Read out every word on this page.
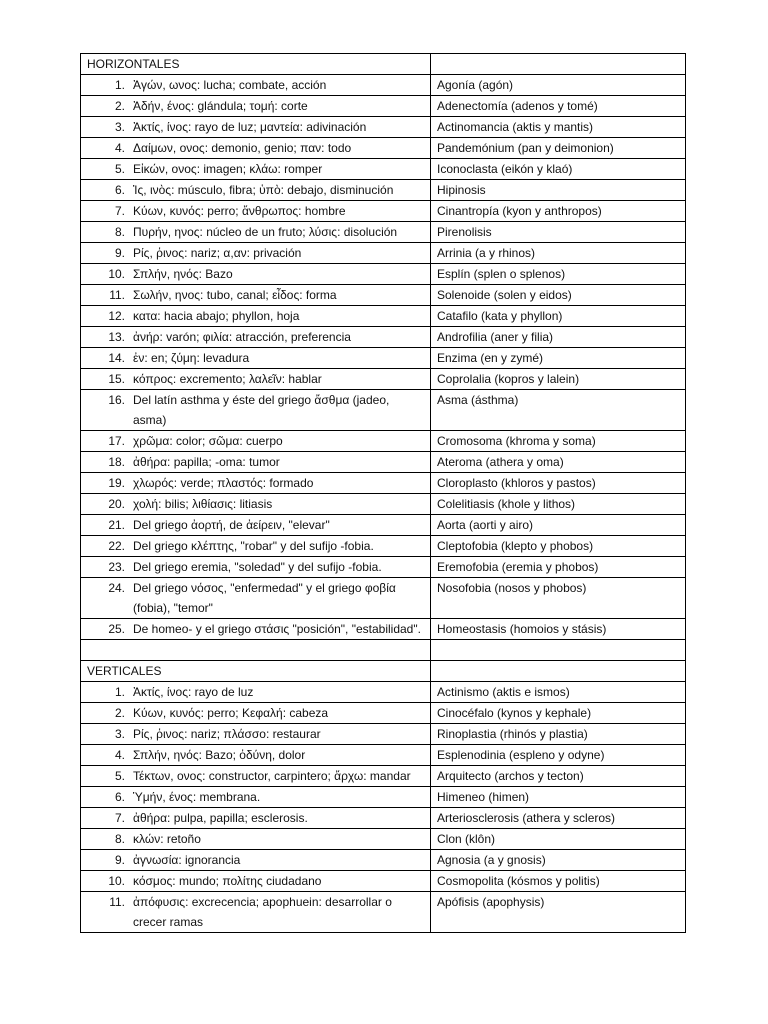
HORIZONTALES	

1. Ἀγών, ωνος: lucha; combate, acción	Agonía (agón)

2. Ἀδήν, ένος: glándula; τομή: corte	Adenectomía (adenos y tomé)

3. Ἀκτίς, ίνος: rayo de luz; μαντεία: adivinación	Actinomancia (aktis y mantis)

4. Δαίμων, ονος: demonio, genio; παν: todo	Pandemónium (pan y deimonion)

5. Εἰκών, ονος: imagen; κλάω: romper	Iconoclasta (eikón y klaó)

6. Ἰς, ινὸς: músculo, fibra; ὑπὸ: debajo, disminución	Hipinosis

7. Κύων, κυνός: perro; ἄνθρωπος: hombre	Cinantropía (kyon y anthropos)

8. Πυρήν, ηνος: núcleo de un fruto; λύσις: disolución	Pirenolisis

9. Ρίς, ῥινος: nariz; α,αν: privación	Arrinia (a y rhinos)

10. Σπλήν, ηνός: Bazo	Esplín (splen o splenos)

11. Σωλήν, ηνος: tubo, canal; εἶδος: forma	Solenoide (solen y eidos)

12. κατα: hacia abajo; phyllon, hoja	Catafilo (kata y phyllon)

13. ἀνήρ: varón; φιλία: atracción, preferencia	Androfilia (aner y filia)

14. ἐν: en; ζύμη: levadura	Enzima (en y zymé)

15. κόπρος: excremento; λαλεῖν: hablar	Coprolalia (kopros y lalein)

16. Del latín asthma y éste del griego ἄσθμα (jadeo, asma)	Asma (ásthma)

17. χρῶμα: color; σῶμα: cuerpo	Cromosoma (khroma y soma)

18. ἀθήρα: papilla; -oma: tumor	Ateroma (athera y oma)

19. χλωρός: verde; πλαστός: formado	Cloroplasto (khloros y pastos)

20. χολή: bilis; λιθίασις: litiasis	Colelitiasis (khole y lithos)

21. Del griego ἀορτή, de ἀείρειν, "elevar"	Aorta (aorti y airo)

22. Del griego κλέπτης, "robar" y del sufijo -fobia.	Cleptofobia (klepto y phobos)

23. Del griego eremia, "soledad" y del sufijo -fobia.	Eremofobia (eremia y phobos)

24. Del griego νόσος, "enfermedad" y el griego φοβία (fobia), "temor"	Nosofobia (nosos y phobos)

25. De homeo- y el griego στάσις "posición", "estabilidad".	Homeostasis (homoios y stásis)

VERTICALES	

1. Ἀκτίς, ίνος: rayo de luz	Actinismo (aktis e ismos)

2. Κύων, κυνός: perro; Κεφαλή: cabeza	Cinocéfalo (kynos y kephale)

3. Ρίς, ῥινος: nariz; πλάσσο: restaurar	Rinoplastia (rhinós y plastia)

4. Σπλήν, ηνός: Bazo; ὀδύνη, dolor	Esplenodinia (espleno y odyne)

5. Τέκτων, ονος: constructor, carpintero; ἄρχω: mandar	Arquitecto (archos y tecton)

6. Ὑμήν, ένος: membrana.	Himeneo (himen)

7. ἀθήρα: pulpa, papilla; esclerosis.	Arteriosclerosis (athera y scleros)

8. κλών: retoño	Clon (klôn)

9. ἀγνωσία: ignorancia	Agnosia (a y gnosis)

10. κόσμος: mundo; πολίτης ciudadano	Cosmopolita (kósmos y politis)

11. ἀπόφυσις: excrecencia; apophuein: desarrollar o crecer ramas	Apófisis (apophysis)
